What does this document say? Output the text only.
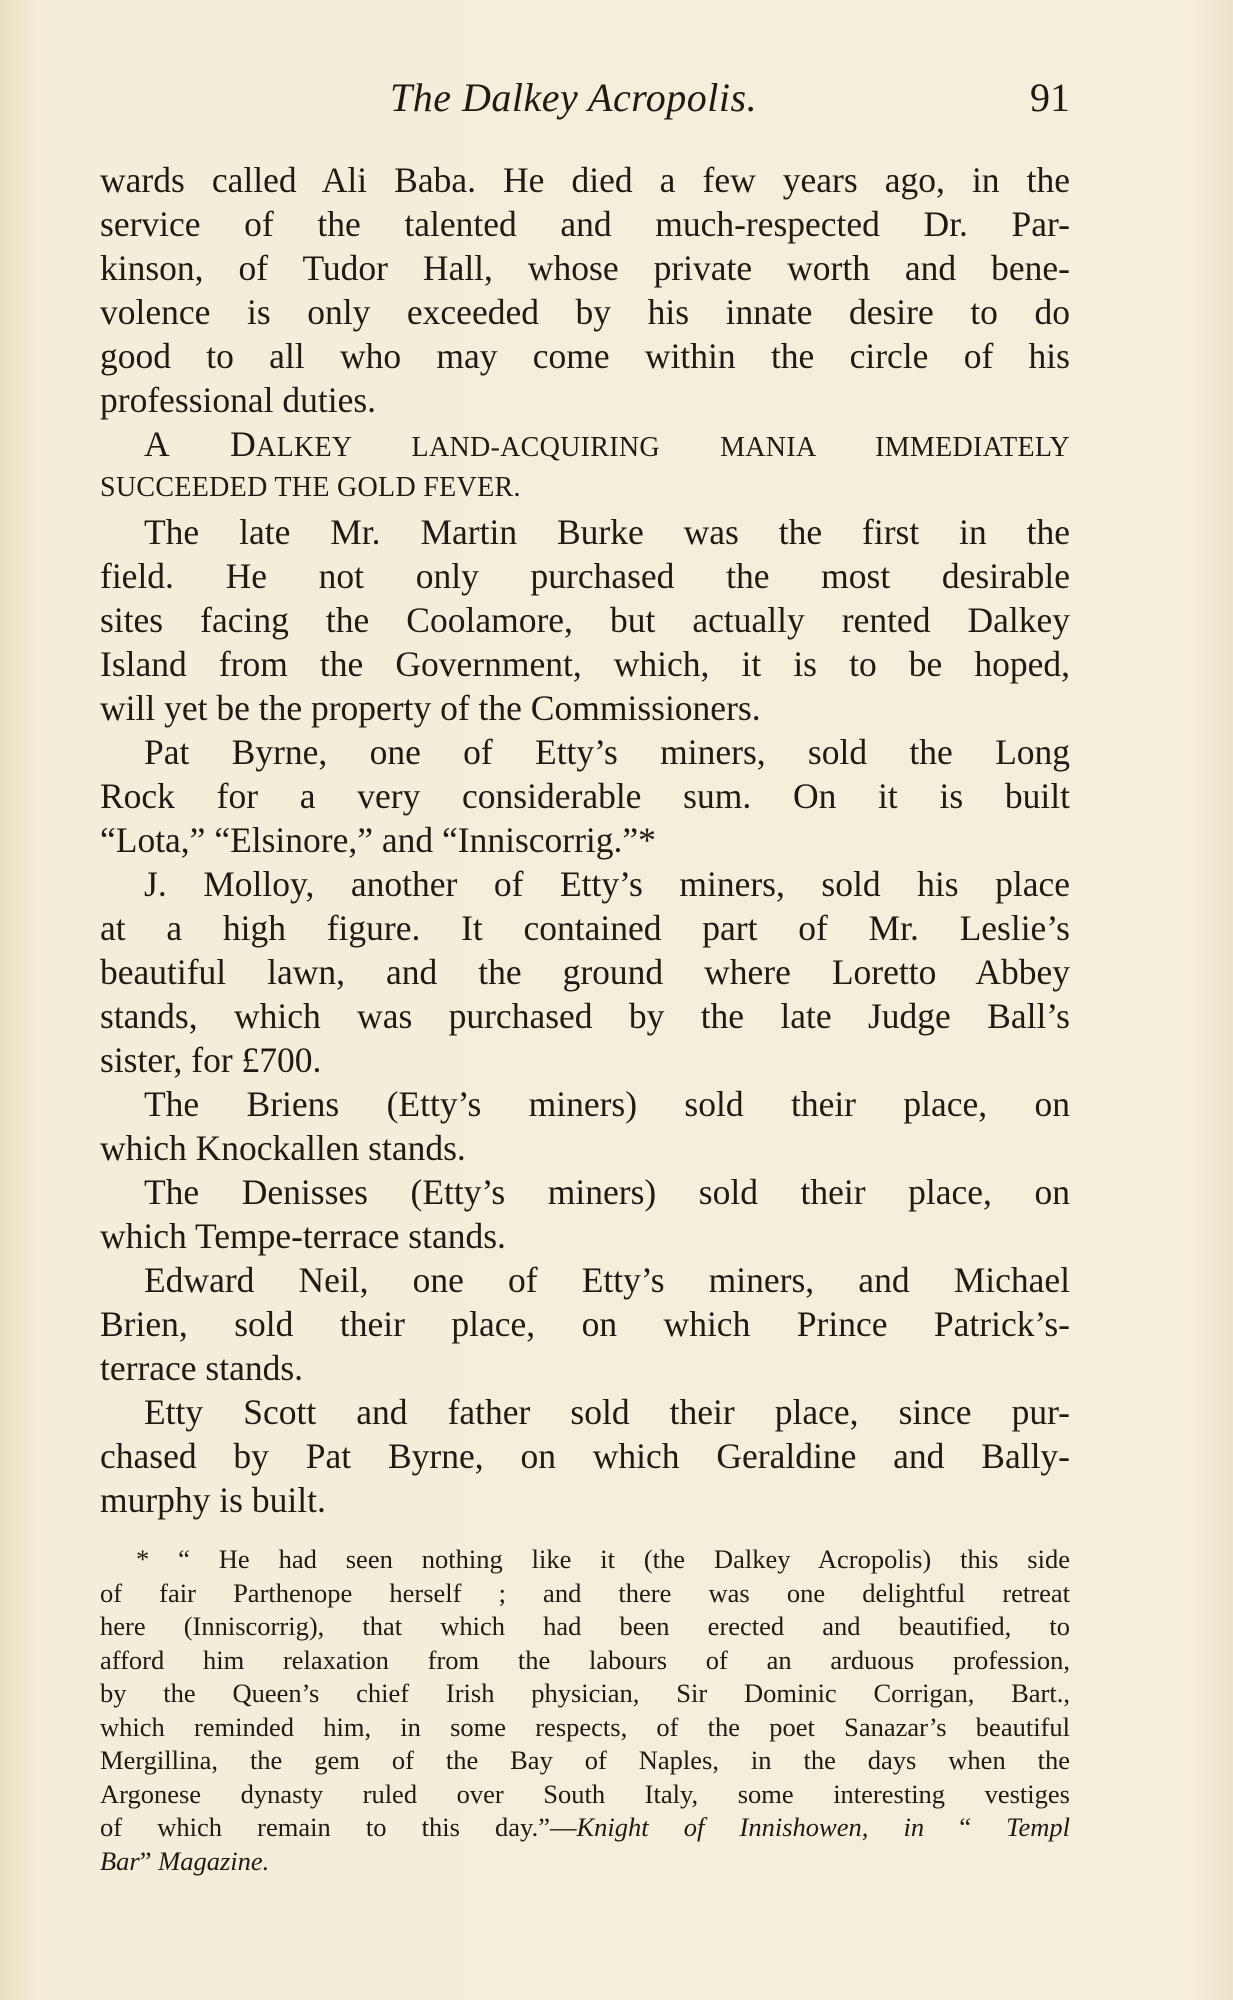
The Dalkey Acropolis.	91
wards called Ali Baba. He died a few years ago, in the
service of the talented and much-respected Dr. Par-
kinson, of Tudor Hall, whose private worth and bene-
volence is only exceeded by his innate desire to do
good to all who may come within the circle of his
professional duties.
A DALKEY LAND-ACQUIRING MANIA IMMEDIATELY
SUCCEEDED THE GOLD FEVER.
The late Mr. Martin Burke was the first in the
field. He not only purchased the most desirable
sites facing the Coolamore, but actually rented Dalkey
Island from the Government, which, it is to be hoped,
will yet be the property of the Commissioners.
Pat Byrne, one of Etty’s miners, sold the Long
Rock for a very considerable sum. On it is built
“Lota,” “Elsinore,” and “Inniscorrig.”*
J. Molloy, another of Etty’s miners, sold his place
at a high figure. It contained part of Mr. Leslie’s
beautiful lawn, and the ground where Loretto Abbey
stands, which was purchased by the late Judge Ball’s
sister, for £700.
The Briens (Etty’s miners) sold their place, on
which Knockallen stands.
The Denisses (Etty’s miners) sold their place, on
which Tempe-terrace stands.
Edward Neil, one of Etty’s miners, and Michael
Brien, sold their place, on which Prince Patrick’s-
terrace stands.
Etty Scott and father sold their place, since pur-
chased by Pat Byrne, on which Geraldine and Bally-
murphy is built.
* “ He had seen nothing like it (the Dalkey Acropolis) this side
of fair Parthenope herself ; and there was one delightful retreat
here (Inniscorrig), that which had been erected and beautified, to
afford him relaxation from the labours of an arduous profession,
by the Queen’s chief Irish physician, Sir Dominic Corrigan, Bart.,
which reminded him, in some respects, of the poet Sanazar’s beautiful
Mergillina, the gem of the Bay of Naples, in the days when the
Argonese dynasty ruled over South Italy, some interesting vestiges
of which remain to this day.”—Knight of Innishowen, in “ Templ
Bar” Magazine.
